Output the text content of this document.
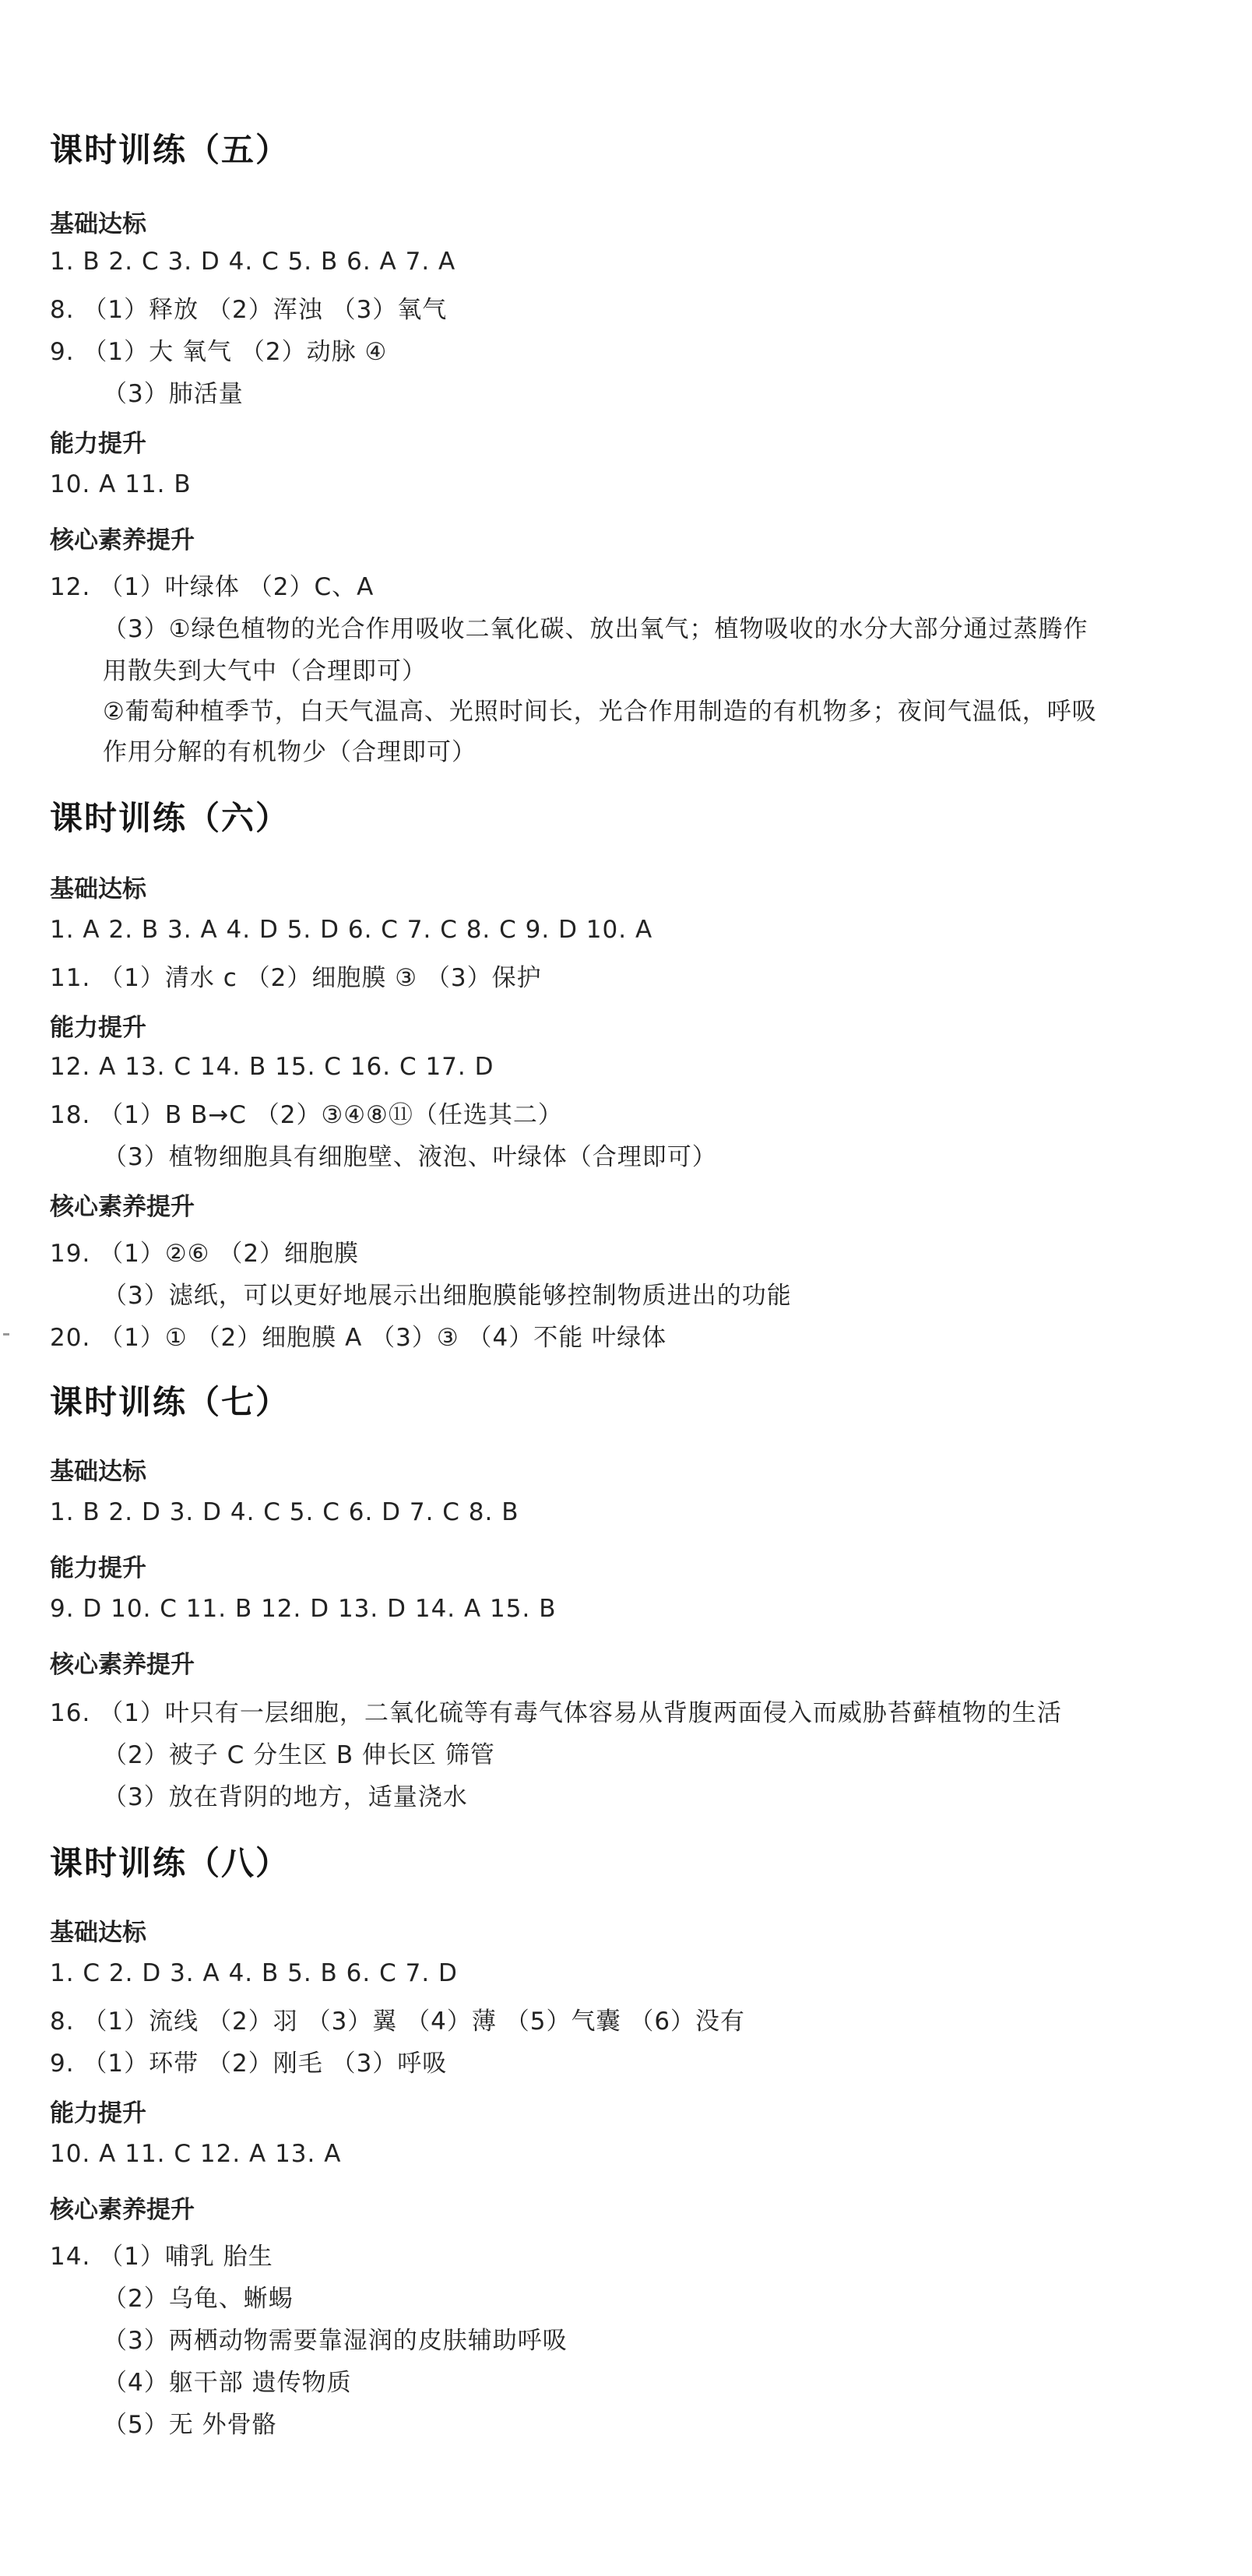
课时训练（五）
基础达标

1. B 2. C 3. D 4. C 5. B 6. A 7. A

8. （1）释放 （2）浑浊 （3）氧气

9. （1）大 氧气 （2）动脉 ④

（3）肺活量

能力提升

10. A 11. B

核心素养提升

12. （1）叶绿体 （2）C、A

（3）①绿色植物的光合作用吸收二氧化碳、放出氧气；植物吸收的水分大部分通过蒸腾作

用散失到大气中（合理即可）

②葡萄种植季节，白天气温高、光照时间长，光合作用制造的有机物多；夜间气温低，呼吸

作用分解的有机物少（合理即可）

课时训练（六）
基础达标

1. A 2. B 3. A 4. D 5. D 6. C 7. C 8. C 9. D 10. A

11. （1）清水 c （2）细胞膜 ③ （3）保护

能力提升

12. A 13. C 14. B 15. C 16. C 17. D

18. （1）B B→C （2）③④⑧⑪（任选其二）

（3）植物细胞具有细胞壁、液泡、叶绿体（合理即可）

核心素养提升

19. （1）②⑥ （2）细胞膜

（3）滤纸，可以更好地展示出细胞膜能够控制物质进出的功能

20. （1）① （2）细胞膜 A （3）③ （4）不能 叶绿体

课时训练（七）
基础达标

1. B 2. D 3. D 4. C 5. C 6. D 7. C 8. B

能力提升

9. D 10. C 11. B 12. D 13. D 14. A 15. B

核心素养提升

16. （1）叶只有一层细胞，二氧化硫等有毒气体容易从背腹两面侵入而威胁苔藓植物的生活

（2）被子 C 分生区 B 伸长区 筛管

（3）放在背阴的地方，适量浇水

课时训练（八）
基础达标

1. C 2. D 3. A 4. B 5. B 6. C 7. D

8. （1）流线 （2）羽 （3）翼 （4）薄 （5）气囊 （6）没有

9. （1）环带 （2）刚毛 （3）呼吸

能力提升

10. A 11. C 12. A 13. A

核心素养提升

14. （1）哺乳 胎生

（2）乌龟、蜥蜴

（3）两栖动物需要靠湿润的皮肤辅助呼吸

（4）躯干部 遗传物质

（5）无 外骨骼
